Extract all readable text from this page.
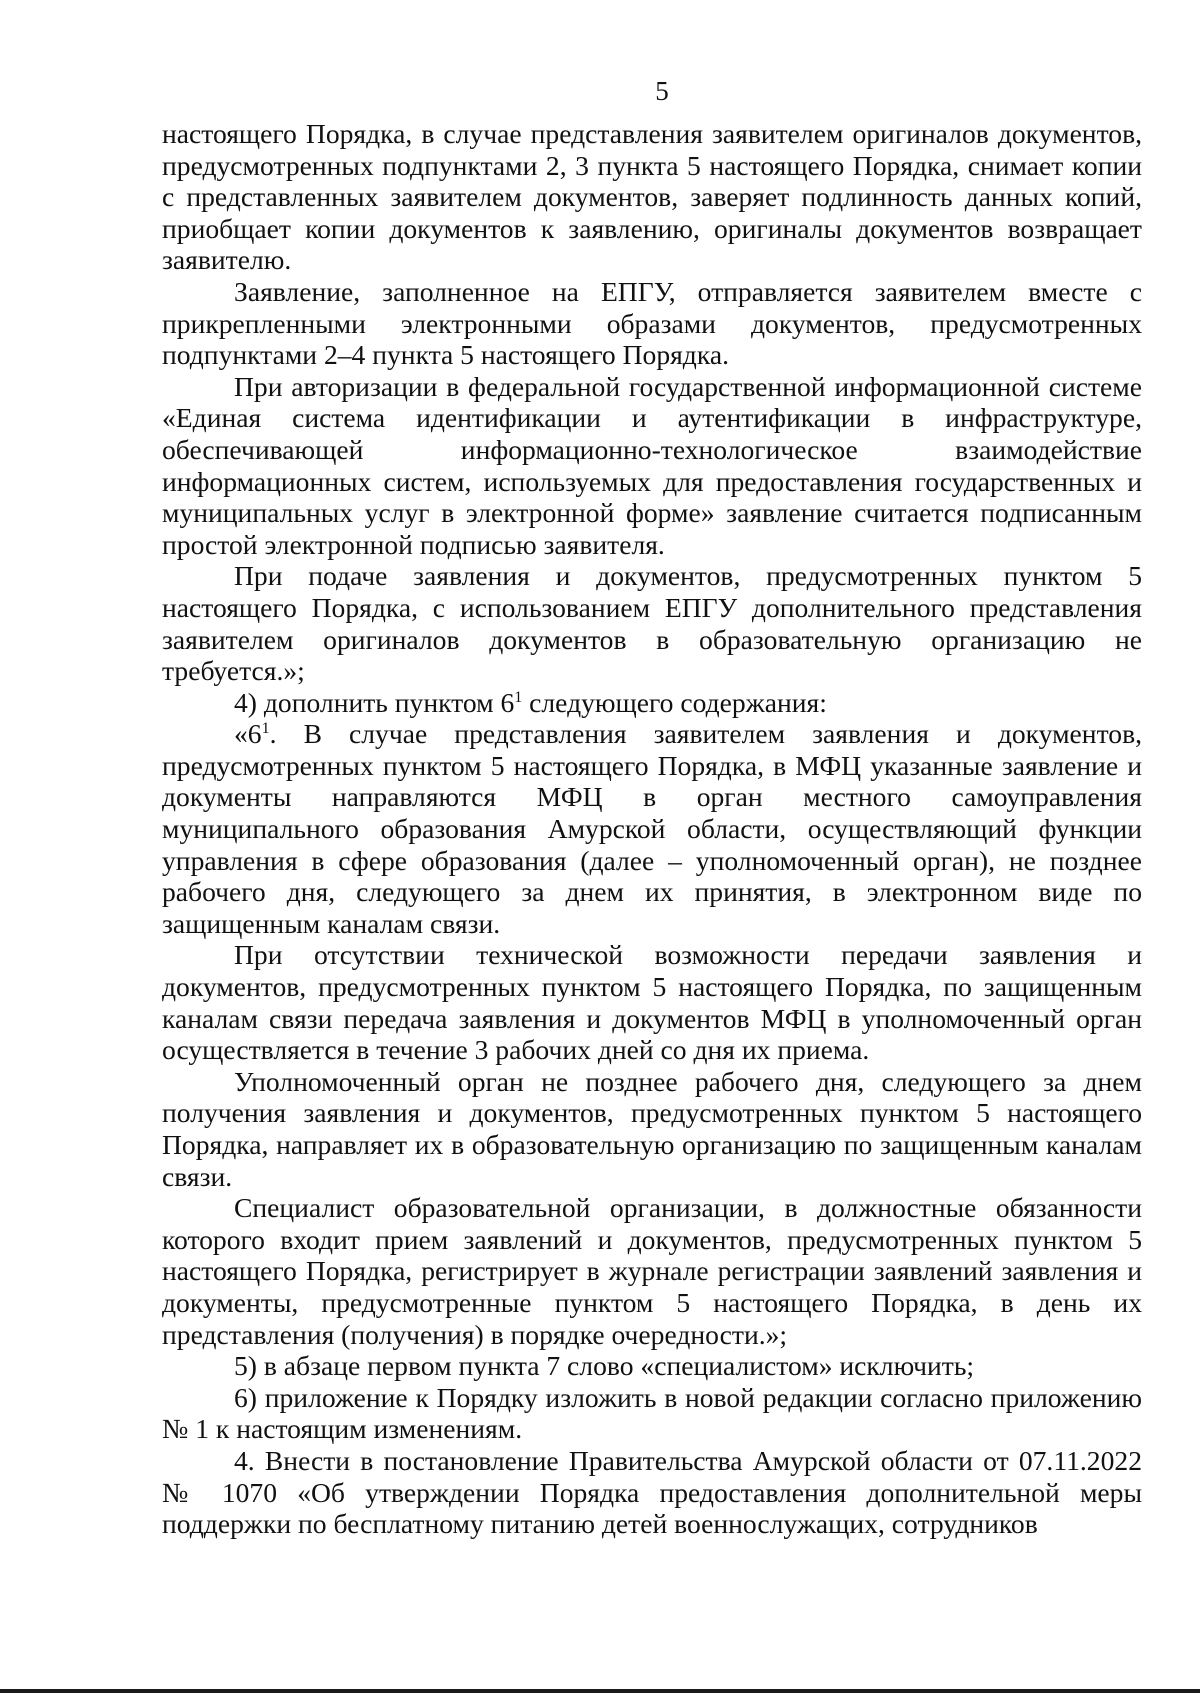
5

настоящего Порядка, в случае представления заявителем оригиналов документов, предусмотренных подпунктами 2, 3 пункта 5 настоящего Порядка, снимает копии с представленных заявителем документов, заверяет подлинность данных копий, приобщает копии документов к заявлению, оригиналы документов возвращает заявителю.

Заявление, заполненное на ЕПГУ, отправляется заявителем вместе с прикрепленными электронными образами документов, предусмотренных подпунктами 2–4 пункта 5 настоящего Порядка.

При авторизации в федеральной государственной информационной системе «Единая система идентификации и аутентификации в инфраструктуре, обеспечивающей информационно-технологическое взаимодействие информационных систем, используемых для предоставления государственных и муниципальных услуг в электронной форме» заявление считается подписанным простой электронной подписью заявителя.

При подаче заявления и документов, предусмотренных пунктом 5 настоящего Порядка, с использованием ЕПГУ дополнительного представления заявителем оригиналов документов в образовательную организацию не требуется.»;

4) дополнить пунктом $6^1$ следующего содержания:

«$6^1$. В случае представления заявителем заявления и документов, предусмотренных пунктом 5 настоящего Порядка, в МФЦ указанные заявление и документы направляются МФЦ в орган местного самоуправления муниципального образования Амурской области, осуществляющий функции управления в сфере образования (далее – уполномоченный орган), не позднее рабочего дня, следующего за днем их принятия, в электронном виде по защищенным каналам связи.

При отсутствии технической возможности передачи заявления и документов, предусмотренных пунктом 5 настоящего Порядка, по защищенным каналам связи передача заявления и документов МФЦ в уполномоченный орган осуществляется в течение 3 рабочих дней со дня их приема.

Уполномоченный орган не позднее рабочего дня, следующего за днем получения заявления и документов, предусмотренных пунктом 5 настоящего Порядка, направляет их в образовательную организацию по защищенным каналам связи.

Специалист образовательной организации, в должностные обязанности которого входит прием заявлений и документов, предусмотренных пунктом 5 настоящего Порядка, регистрирует в журнале регистрации заявлений заявления и документы, предусмотренные пунктом 5 настоящего Порядка, в день их представления (получения) в порядке очередности.»;

5) в абзаце первом пункта 7 слово «специалистом» исключить;

6) приложение к Порядку изложить в новой редакции согласно приложению № 1 к настоящим изменениям.

4. Внести в постановление Правительства Амурской области от 07.11.2022 № 1070 «Об утверждении Порядка предоставления дополнительной меры поддержки по бесплатному питанию детей военнослужащих, сотрудников
